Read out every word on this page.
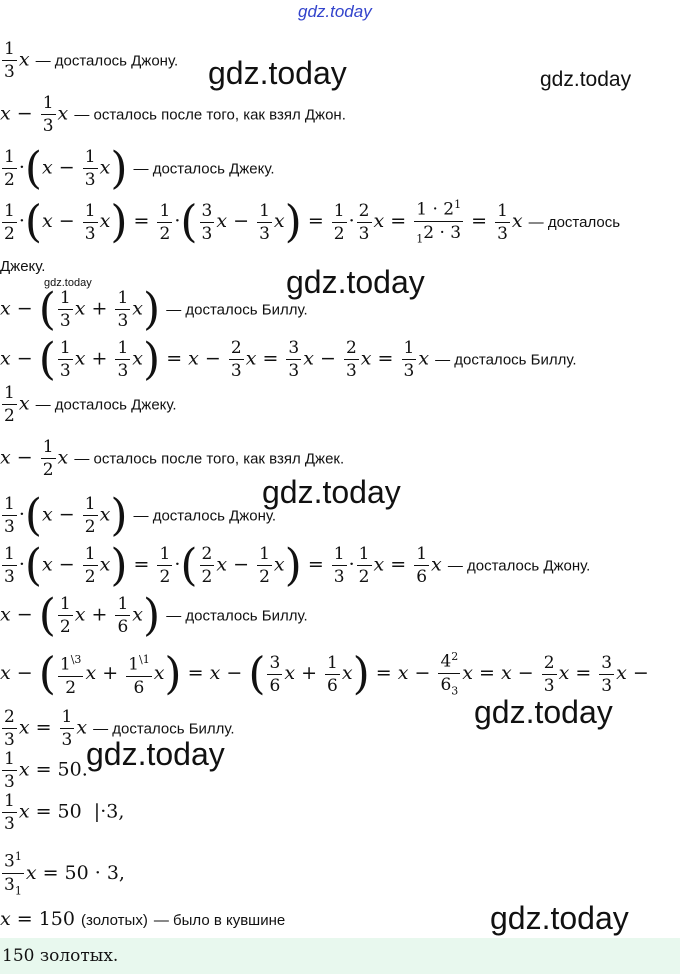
gdz.today
gdz.today	gdz.today
gdz.today
gdz.today
gdz.today
gdz.today
gdz.today
gdz.today
$\frac{1}{3}$ x — досталось Джону.
$x - \frac{1}{3}$ x — осталось после того, как взял Джон.
$\frac{1}{2} \cdot(x - \frac{1}{3} x)$ — досталось Джеку.
$\frac{1}{2} \cdot(x - \frac{1}{3} x) = \frac{1}{2}$ ·( $\frac{3}{3}$ $x - \frac{1}{3} x) = \frac{1}{2} \cdot \frac{2}{3}$ $x = \frac{1 \cdot 2^1}{_12 \cdot 3} = \frac{1}{3}$ x — досталось
Джеку.
x − ( $\frac{1}{3}$ $x + \frac{1}{3} x$) — досталось Биллу.
x − ( $\frac{1}{3}$ $x + \frac{1}{3} x) = x - \frac{2}{3}$ $x = \frac{3}{3}$ $x - \frac{2}{3}$ $x = \frac{1}{3}$ x — досталось Биллу.
$\frac{1}{2}$ x — досталось Джеку.
$x - \frac{1}{2}$ x — осталось после того, как взял Джек.
$\frac{1}{3} \cdot(x - \frac{1}{2} x)$ — досталось Джону.
$\frac{1}{3} \cdot(x - \frac{1}{2} x) = \frac{1}{2}$ ·( $\frac{2}{2}$ $x - \frac{1}{2} x) = \frac{1}{3} \cdot \frac{1}{2}$ $x = \frac{1}{6}$ x — досталось Джону.
x − ( $\frac{1}{2}$ $x + \frac{1}{6} x$) — досталось Биллу.
x − ( $\frac{1^{\backslash 3}}{2}$ $x + \frac{1^{\backslash 1}}{6} x) = x$ − ( $\frac{3}{6}$ $x + \frac{1}{6} x) = x - \frac{4^2}{6_3}$ $x = x - \frac{2}{3}$ $x = \frac{3}{3}$ x −
$\frac{2}{3}$ $x = \frac{1}{3}$ x — досталось Биллу.
$\frac{1}{3}$ x = 50.
$\frac{1}{3}$ x = 50  |·3,
$\frac{3^1}{3_1}$ x = 50 · 3,
x = 150 (золотых) — было в кувшине
150 золотых.
